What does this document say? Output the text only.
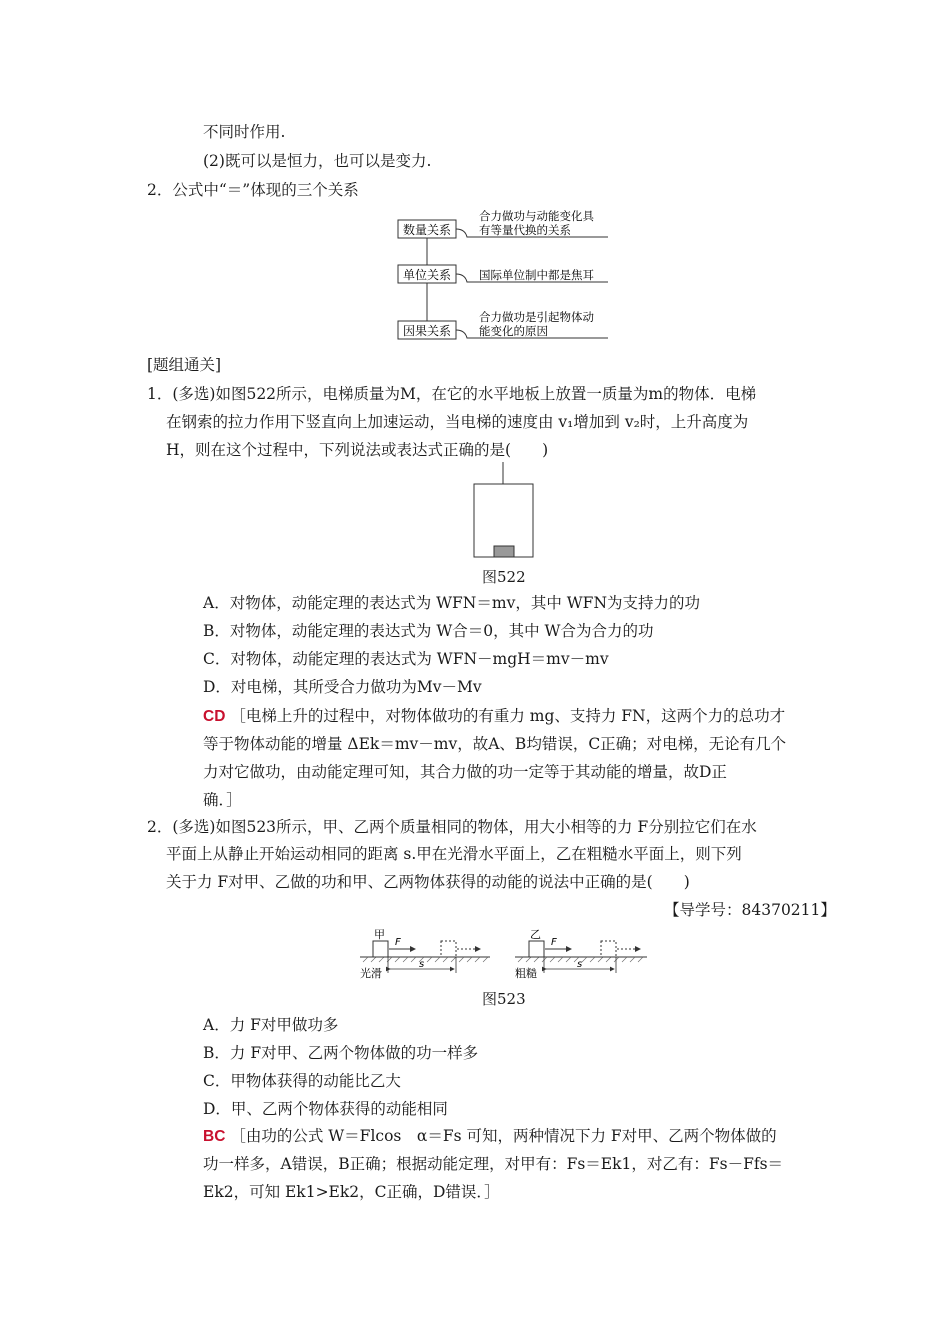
不同时作用.
(2)既可以是恒力，也可以是变力.
2．公式中“＝”体现的三个关系
数量关系
单位关系
因果关系
合力做功与动能变化具
有等量代换的关系
国际单位制中都是焦耳
合力做功是引起物体动
能变化的原因
[题组通关]
1．(多选)如图522所示，电梯质量为M，在它的水平地板上放置一质量为m的物体．电梯
在钢索的拉力作用下竖直向上加速运动，当电梯的速度由 v₁增加到 v₂时，上升高度为
H，则在这个过程中，下列说法或表达式正确的是(　　)
图522
A．对物体，动能定理的表达式为 WFN＝mv，其中 WFN为支持力的功
B．对物体，动能定理的表达式为 W合＝0，其中 W合为合力的功
C．对物体，动能定理的表达式为 WFN－mgH＝mv－mv
D．对电梯，其所受合力做功为Mv－Mv
CD ［电梯上升的过程中，对物体做功的有重力 mg、支持力 FN，这两个力的总功才
等于物体动能的增量 ΔEk＝mv－mv，故A、B均错误，C正确；对电梯，无论有几个
力对它做功，由动能定理可知，其合力做的功一定等于其动能的增量，故D正
确．］
2．(多选)如图523所示，甲、乙两个质量相同的物体，用大小相等的力 F分别拉它们在水
平面上从静止开始运动相同的距离 s.甲在光滑水平面上，乙在粗糙水平面上，则下列
关于力 F对甲、乙做的功和甲、乙两物体获得的动能的说法中正确的是(　　)
【导学号：84370211】
甲
F
s
光滑
乙
F
s
粗糙
图523
A．力 F对甲做功多
B．力 F对甲、乙两个物体做的功一样多
C．甲物体获得的动能比乙大
D．甲、乙两个物体获得的动能相同
BC ［由功的公式 W＝Flcos　α＝Fs 可知，两种情况下力 F对甲、乙两个物体做的
功一样多，A错误，B正确；根据动能定理，对甲有：Fs＝Ek1，对乙有：Fs－Ffs＝
Ek2，可知 Ek1>Ek2，C正确，D错误．］
